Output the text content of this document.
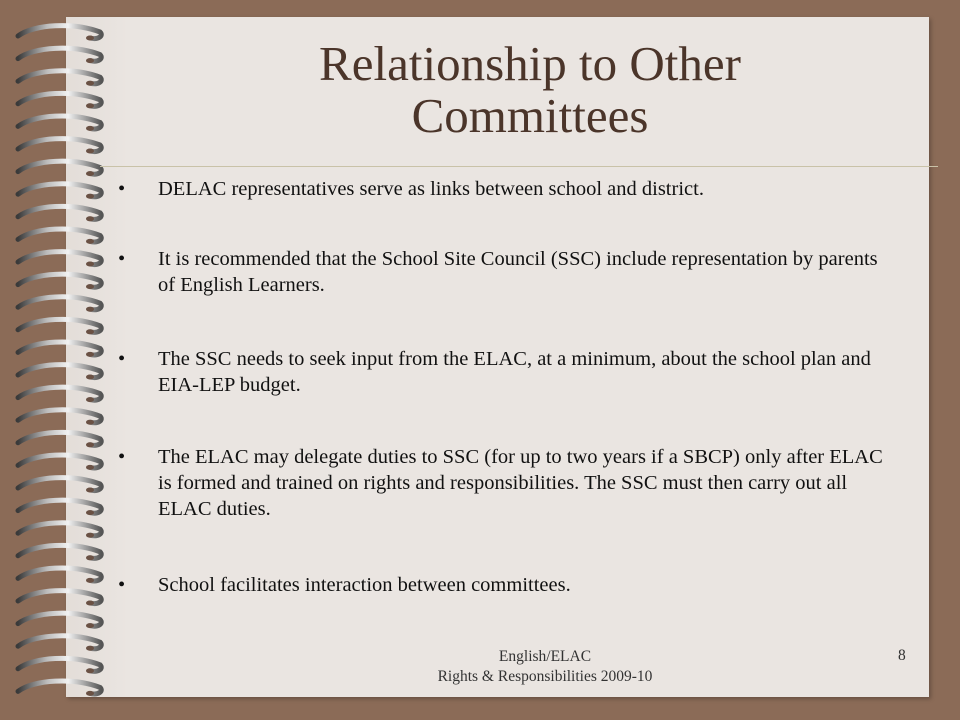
Relationship to Other
Committees
•	DELAC representatives serve as links between school and district.
•	It is recommended that the School Site Council (SSC) include representation by parents of English Learners.
•	The SSC needs to seek input from the ELAC, at a minimum, about the school plan and EIA-LEP budget.
•	The ELAC may delegate duties to SSC (for up to two years if a SBCP) only after ELAC is formed and trained on rights and responsibilities. The SSC must then carry out all ELAC duties.
•	School facilitates interaction between committees.
English/ELAC
Rights & Responsibilities 2009-10
8
